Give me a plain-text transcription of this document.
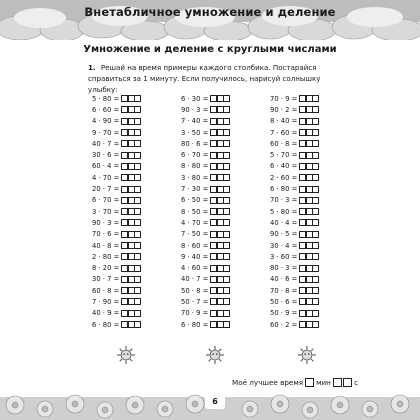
Внетабличное умножение и деление
Умножение и деление с круглыми числами
1. Решай на время примеры каждого столбика. Постарайся справиться за 1 минуту. Если получилось, нарисуй солнышку улыбку:
5 · 80 =
6 · 60 =
4 · 90 =
9 · 70 =
40 · 7 =
30 · 6 =
60 · 4 =
4 · 70 =
20 · 7 =
6 · 70 =
3 · 70 =
90 · 3 =
70 · 6 =
40 · 8 =
2 · 80 =
8 · 20 =
30 · 7 =
60 · 8 =
7 · 90 =
40 · 9 =
6 · 80 =
6 · 30 =
90 · 3 =
7 · 40 =
3 · 50 =
80 · 6 =
6 · 70 =
8 · 80 =
3 · 80 =
7 · 30 =
6 · 50 =
8 · 50 =
4 · 70 =
7 · 50 =
8 · 60 =
9 · 40 =
4 · 60 =
40 · 7 =
50 · 8 =
50 · 7 =
70 · 9 =
6 · 80 =
70 · 9 =
90 · 2 =
8 · 40 =
7 · 60 =
60 · 8 =
5 · 70 =
6 · 40 =
2 · 60 =
6 · 80 =
70 · 3 =
5 · 80 =
40 · 4 =
90 · 5 =
30 · 4 =
3 · 60 =
80 · 3 =
40 · 6 =
70 · 8 =
50 · 6 =
50 · 9 =
60 · 2 =
Моё лучшее время мин	с
6
